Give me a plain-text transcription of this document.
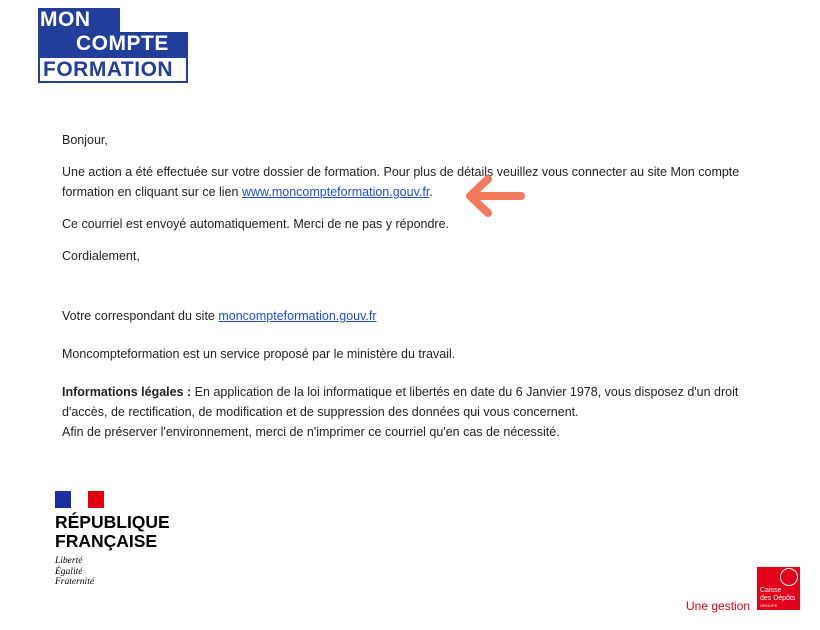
MON
COMPTE
FORMATION

Bonjour,

Une action a été effectuée sur votre dossier de formation. Pour plus de détails veuillez vous connecter au site Mon compte formation en cliquant sur ce lien www.moncompteformation.gouv.fr.

Ce courriel est envoyé automatiquement. Merci de ne pas y répondre.

Cordialement,

Votre correspondant du site moncompteformation.gouv.fr

Moncompteformation est un service proposé par le ministère du travail.

Informations légales : En application de la loi informatique et libertés en date du 6 Janvier 1978, vous disposez d'un droit d'accès, de rectification, de modification et de suppression des données qui vous concernent.

Afin de préserver l'environnement, merci de n'imprimer ce courriel qu'en cas de nécessité.

RÉPUBLIQUE
FRANÇAISE
Liberté
Égalité
Fraternité
Une gestion
Caisse
des Dépôts
GROUPE
